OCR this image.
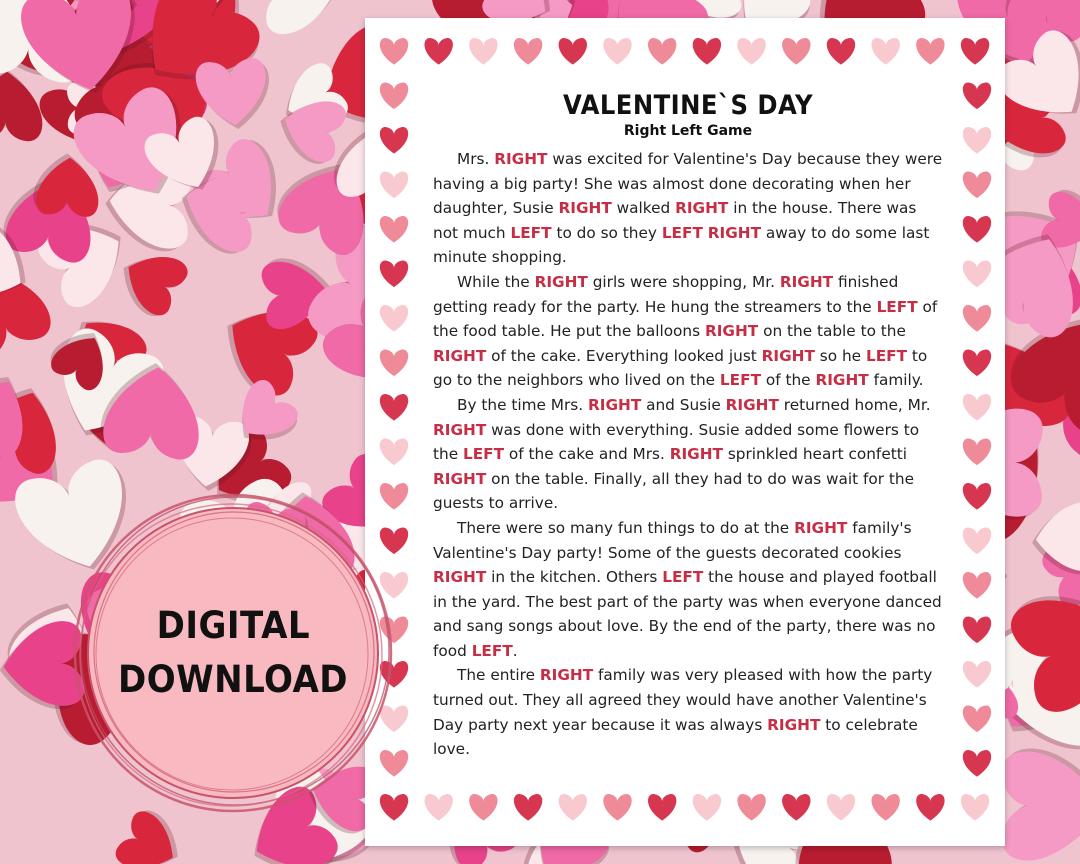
VALENTINE`S DAY
Right Left Game

Mrs. RIGHT was excited for Valentine's Day because they were having a big party! She was almost done decorating when her daughter, Susie RIGHT walked RIGHT in the house. There was not much LEFT to do so they LEFT RIGHT away to do some last minute shopping.

While the RIGHT girls were shopping, Mr. RIGHT finished getting ready for the party. He hung the streamers to the LEFT of the food table. He put the balloons RIGHT on the table to the RIGHT of the cake. Everything looked just RIGHT so he LEFT to go to the neighbors who lived on the LEFT of the RIGHT family.

By the time Mrs. RIGHT and Susie RIGHT returned home, Mr. RIGHT was done with everything. Susie added some flowers to the LEFT of the cake and Mrs. RIGHT sprinkled heart confetti RIGHT on the table. Finally, all they had to do was wait for the guests to arrive.

There were so many fun things to do at the RIGHT family's Valentine's Day party! Some of the guests decorated cookies RIGHT in the kitchen. Others LEFT the house and played football in the yard. The best part of the party was when everyone danced and sang songs about love. By the end of the party, there was no food LEFT.

The entire RIGHT family was very pleased with how the party turned out. They all agreed they would have another Valentine's Day party next year because it was always RIGHT to celebrate love.

DIGITAL
DOWNLOAD
